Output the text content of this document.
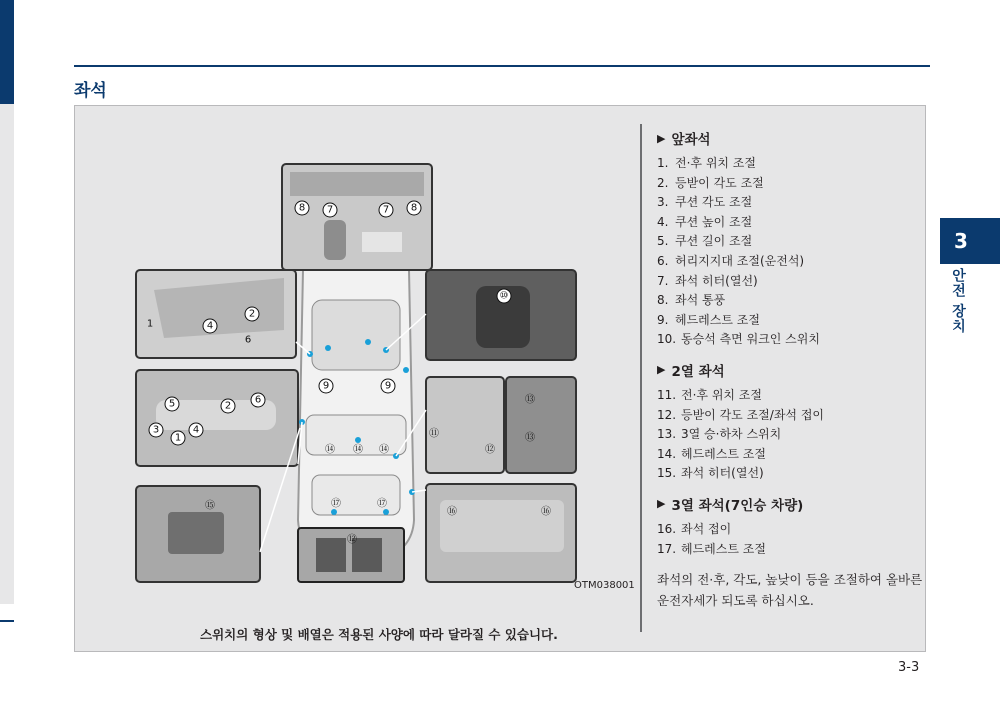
좌석
1
2
4
6
5	2
6
3	4
1
8 7	7 8
9	9
⑩
⑪
⑫
⑬
⑬
⑭ ⑭ ⑭
⑮
⑯	⑯
⑰	⑰
⑫
OTM038001
스위치의 형상 및 배열은 적용된 사양에 따라 달라질 수 있습니다.
▶ 앞좌석
1. 전·후 위치 조절
2. 등받이 각도 조절
3. 쿠션 각도 조절
4. 쿠션 높이 조절
5. 쿠션 길이 조절
6. 허리지지대 조절(운전석)
7. 좌석 히터(열선)
8. 좌석 통풍
9. 헤드레스트 조절
10. 동승석 측면 워크인 스위치
▶ 2열 좌석
11. 전·후 위치 조절
12. 등받이 각도 조절/좌석 접이
13. 3열 승·하차 스위치
14. 헤드레스트 조절
15. 좌석 히터(열선)
▶ 3열 좌석(7인승 차량)
16. 좌석 접이
17. 헤드레스트 조절
좌석의 전·후, 각도, 높낮이 등을 조절하여 올바른 운전자세가 되도록 하십시오.
3
안전 장치
3-3
